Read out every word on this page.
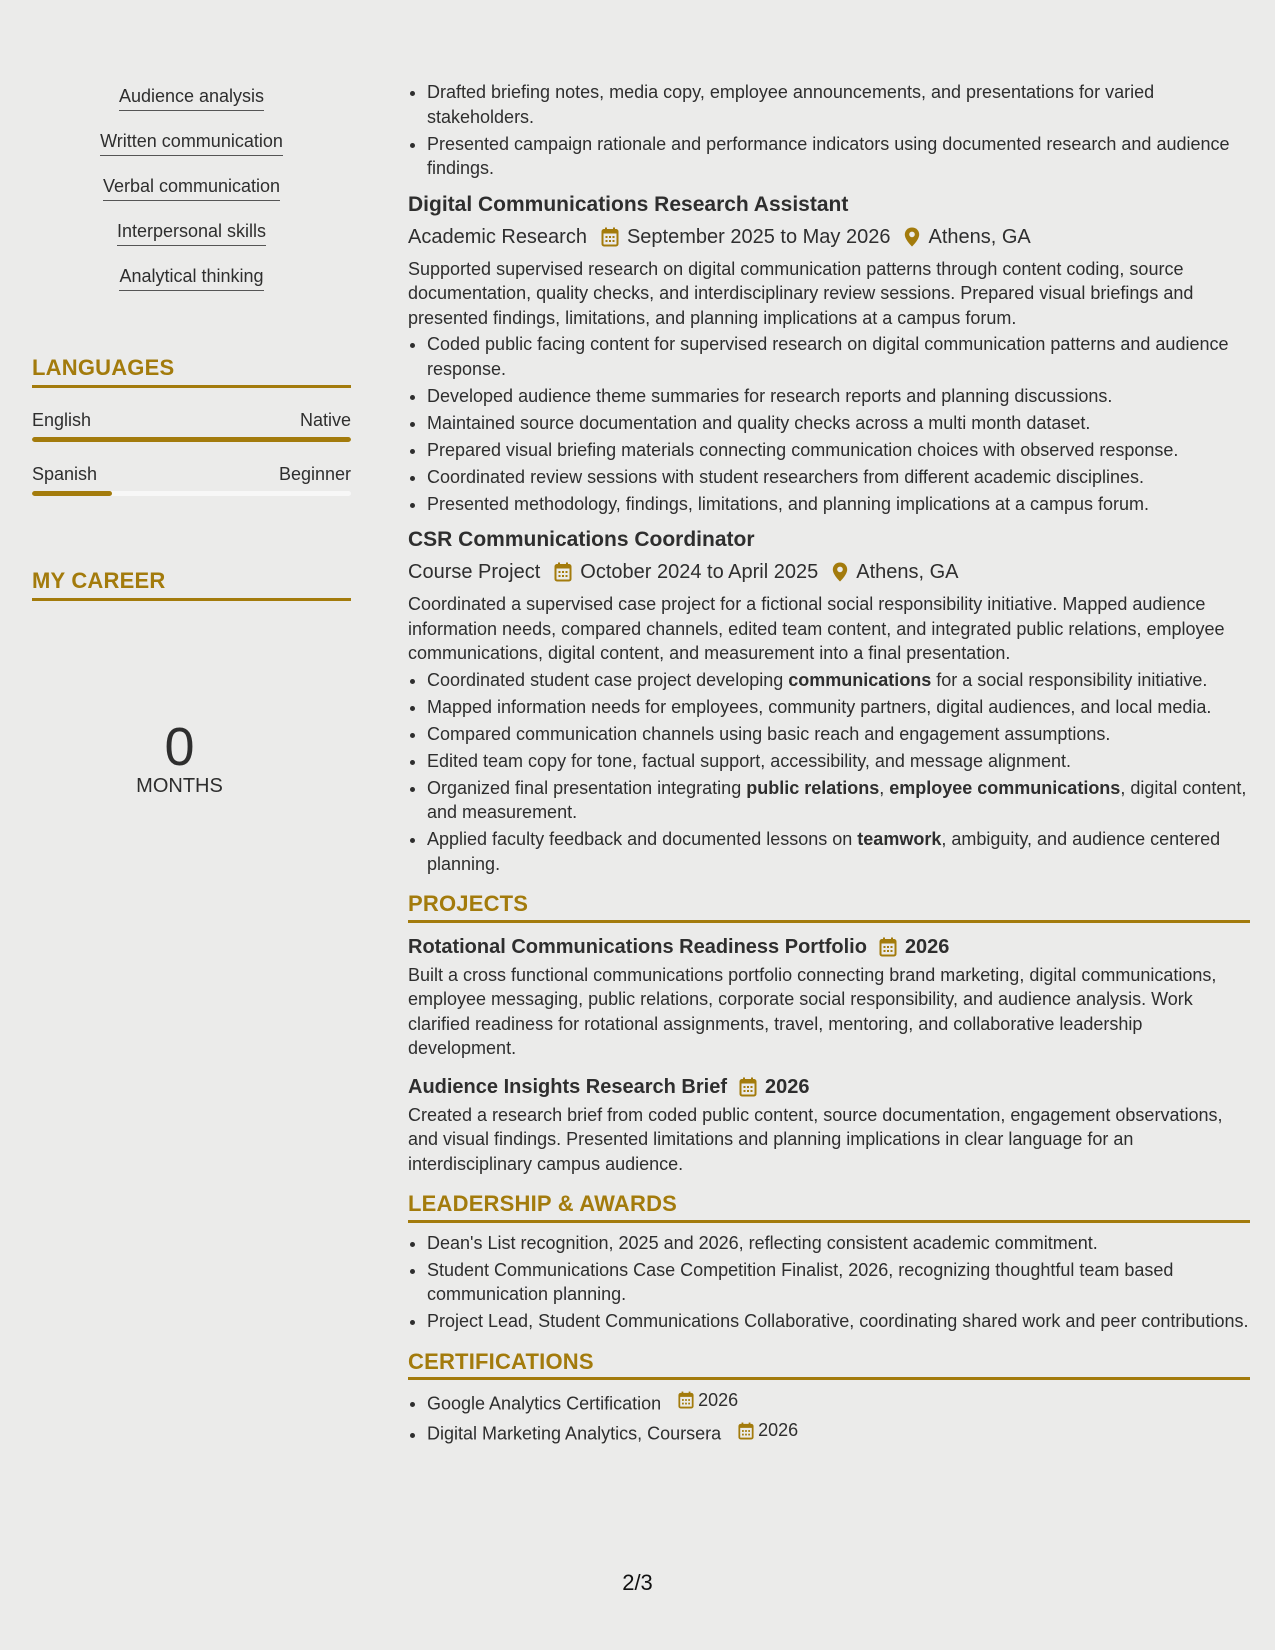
Audience analysis
Written communication
Verbal communication
Interpersonal skills
Analytical thinking
LANGUAGES
English	Native
Spanish	Beginner
MY CAREER
0
MONTHS
• Drafted briefing notes, media copy, employee announcements, and presentations for varied stakeholders.
• Presented campaign rationale and performance indicators using documented research and audience findings.
Digital Communications Research Assistant
Academic Research September 2025 to May 2026 Athens, GA

Supported supervised research on digital communication patterns through content coding, source documentation, quality checks, and interdisciplinary review sessions. Prepared visual briefings and presented findings, limitations, and planning implications at a campus forum.

• Coded public facing content for supervised research on digital communication patterns and audience response.
• Developed audience theme summaries for research reports and planning discussions.
• Maintained source documentation and quality checks across a multi month dataset.
• Prepared visual briefing materials connecting communication choices with observed response.
• Coordinated review sessions with student researchers from different academic disciplines.
• Presented methodology, findings, limitations, and planning implications at a campus forum.
CSR Communications Coordinator
Course Project October 2024 to April 2025 Athens, GA

Coordinated a supervised case project for a fictional social responsibility initiative. Mapped audience information needs, compared channels, edited team content, and integrated public relations, employee communications, digital content, and measurement into a final presentation.

• Coordinated student case project developing communications for a social responsibility initiative.
• Mapped information needs for employees, community partners, digital audiences, and local media.
• Compared communication channels using basic reach and engagement assumptions.
• Edited team copy for tone, factual support, accessibility, and message alignment.
• Organized final presentation integrating public relations, employee communications, digital content, and measurement.
• Applied faculty feedback and documented lessons on teamwork, ambiguity, and audience centered planning.
PROJECTS
Rotational Communications Readiness Portfolio 2026

Built a cross functional communications portfolio connecting brand marketing, digital communications, employee messaging, public relations, corporate social responsibility, and audience analysis. Work clarified readiness for rotational assignments, travel, mentoring, and collaborative leadership development.

Audience Insights Research Brief 2026

Created a research brief from coded public content, source documentation, engagement observations, and visual findings. Presented limitations and planning implications in clear language for an interdisciplinary campus audience.

LEADERSHIP & AWARDS
• Dean's List recognition, 2025 and 2026, reflecting consistent academic commitment.
• Student Communications Case Competition Finalist, 2026, recognizing thoughtful team based communication planning.
• Project Lead, Student Communications Collaborative, coordinating shared work and peer contributions.
CERTIFICATIONS
• Google Analytics Certification 2026
• Digital Marketing Analytics, Coursera 2026
2/3
